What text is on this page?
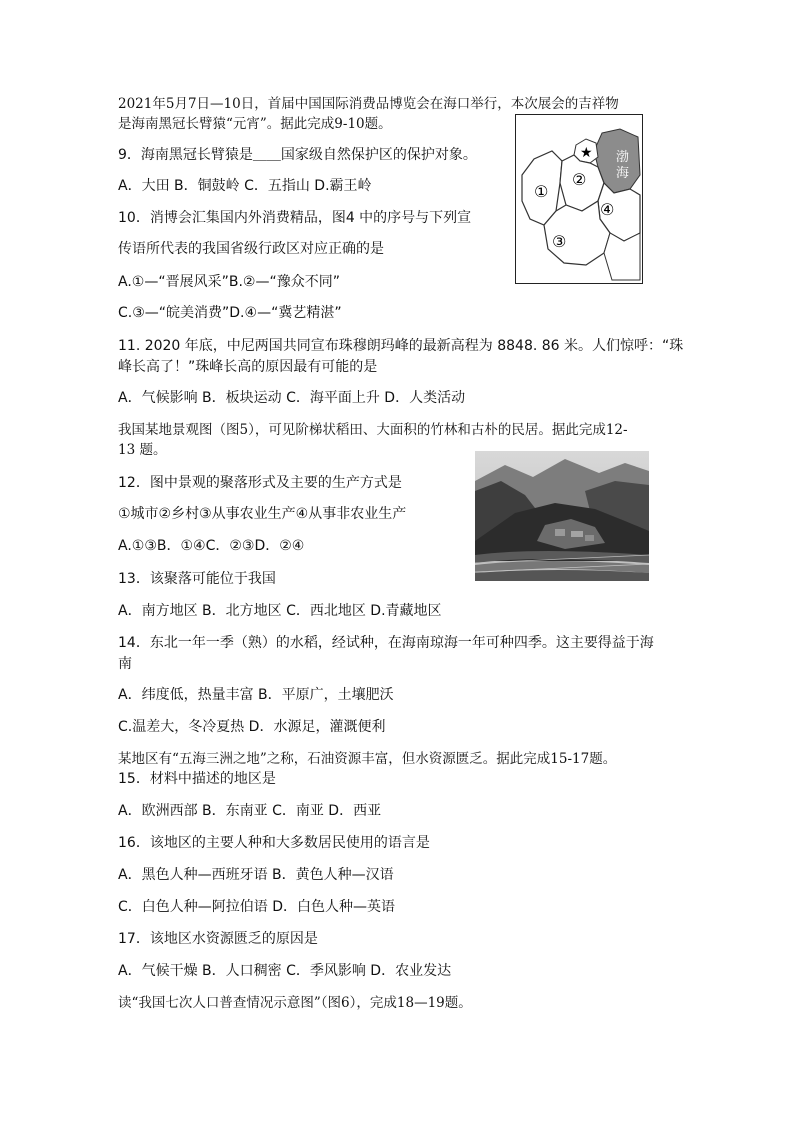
2021年5月7日—10日，首届中国国际消费品博览会在海口举行，本次展会的吉祥物
是海南黑冠长臂猿“元宵”。据此完成9-10题。
9．海南黑冠长臂猿是＿＿国家级自然保护区的保护对象。
A．大田 B．铜鼓岭 C．五指山 D.霸王岭
10．消博会汇集国内外消费精品，图4 中的序号与下列宣
传语所代表的我国省级行政区对应正确的是
A.①—“晋展风采”B.②—“豫众不同”
C.③—“皖美消费”D.④—“冀艺精湛”
11. 2020 年底，中尼两国共同宣布珠穆朗玛峰的最新高程为 8848. 86 米。人们惊呼：“珠
峰长高了！”珠峰长高的原因最有可能的是
A．气候影响 B．板块运动 C．海平面上升 D．人类活动
我国某地景观图（图5），可见阶梯状稻田、大面积的竹林和古朴的民居。据此完成12-
13 题。
12．图中景观的聚落形式及主要的生产方式是
①城市②乡村③从事农业生产④从事非农业生产
A.①③B．①④C．②③D．②④
13．该聚落可能位于我国
A．南方地区 B．北方地区 C．西北地区 D.青藏地区
14．东北一年一季（熟）的水稻，经试种，在海南琼海一年可种四季。这主要得益于海
南
A．纬度低，热量丰富 B．平原广，土壤肥沃
C.温差大，冬冷夏热 D．水源足，灌溉便利
某地区有“五海三洲之地”之称，石油资源丰富，但水资源匮乏。据此完成15-17题。
15．材料中描述的地区是
A．欧洲西部 B．东南亚 C．南亚 D．西亚
16．该地区的主要人种和大多数居民使用的语言是
A．黑色人种—西班牙语 B．黄色人种—汉语
C．白色人种—阿拉伯语 D．白色人种—英语
17．该地区水资源匮乏的原因是
A．气候干燥 B．人口稠密 C．季风影响 D．农业发达
读“我国七次人口普查情况示意图”（图6），完成18—19题。
★
①
②
③
④
渤
海
